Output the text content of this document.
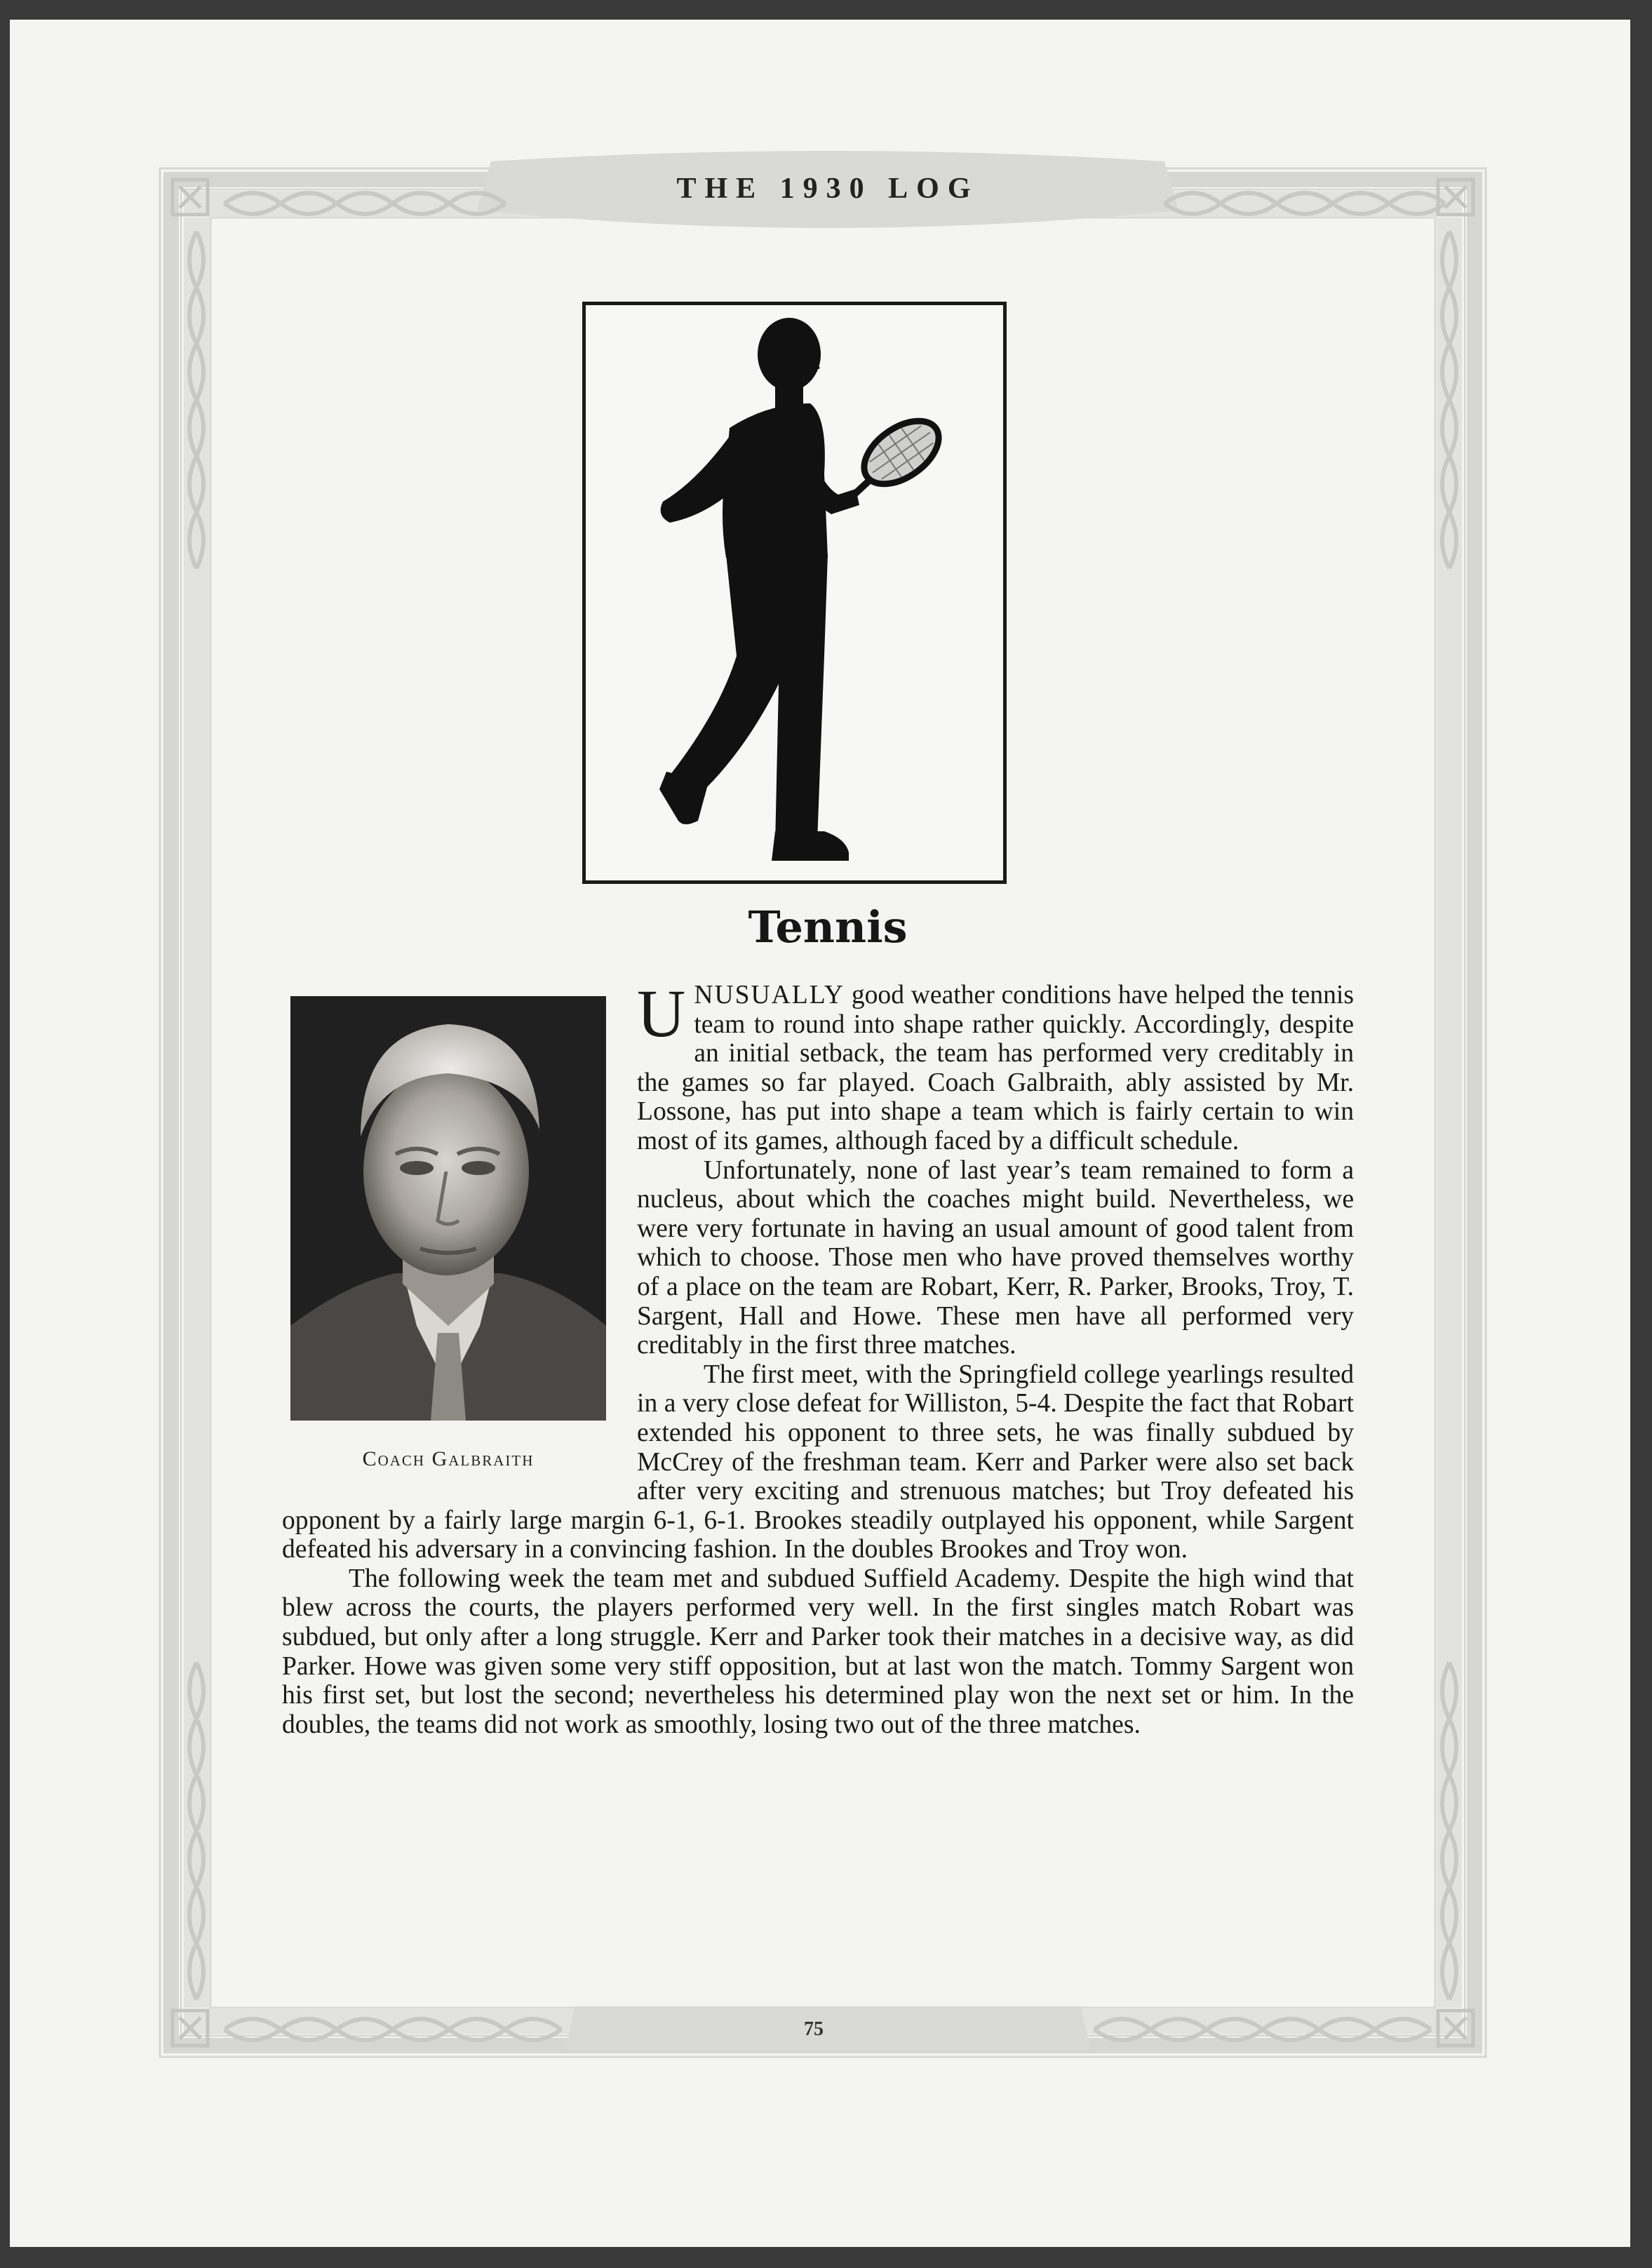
THE 1930 LOG
Tennis
Coach Galbraith

UNUSUALLY good weather conditions have helped the tennis team to round into shape rather quickly. Accordingly, despite an initial setback, the team has performed very creditably in the games so far played. Coach Galbraith, ably assisted by Mr. Lossone, has put into shape a team which is fairly certain to win most of its games, although faced by a difficult schedule.

Unfortunately, none of last year’s team remained to form a nucleus, about which the coaches might build. Nevertheless, we were very fortunate in having an usual amount of good talent from which to choose. Those men who have proved themselves worthy of a place on the team are Robart, Kerr, R. Parker, Brooks, Troy, T. Sargent, Hall and Howe. These men have all performed very creditably in the first three matches.

The first meet, with the Springfield college yearlings resulted in a very close defeat for Williston, 5-4. Despite the fact that Robart extended his opponent to three sets, he was finally subdued by McCrey of the freshman team. Kerr and Parker were also set back after very exciting and strenuous matches; but Troy defeated his opponent by a fairly large margin 6-1, 6-1. Brookes steadily outplayed his opponent, while Sargent defeated his adversary in a convincing fashion. In the doubles Brookes and Troy won.

The following week the team met and subdued Suffield Academy. Despite the high wind that blew across the courts, the players performed very well. In the first singles match Robart was subdued, but only after a long struggle. Kerr and Parker took their matches in a decisive way, as did Parker. Howe was given some very stiff opposition, but at last won the match. Tommy Sargent won his first set, but lost the second; nevertheless his determined play won the next set or him. In the doubles, the teams did not work as smoothly, losing two out of the three matches.

75
